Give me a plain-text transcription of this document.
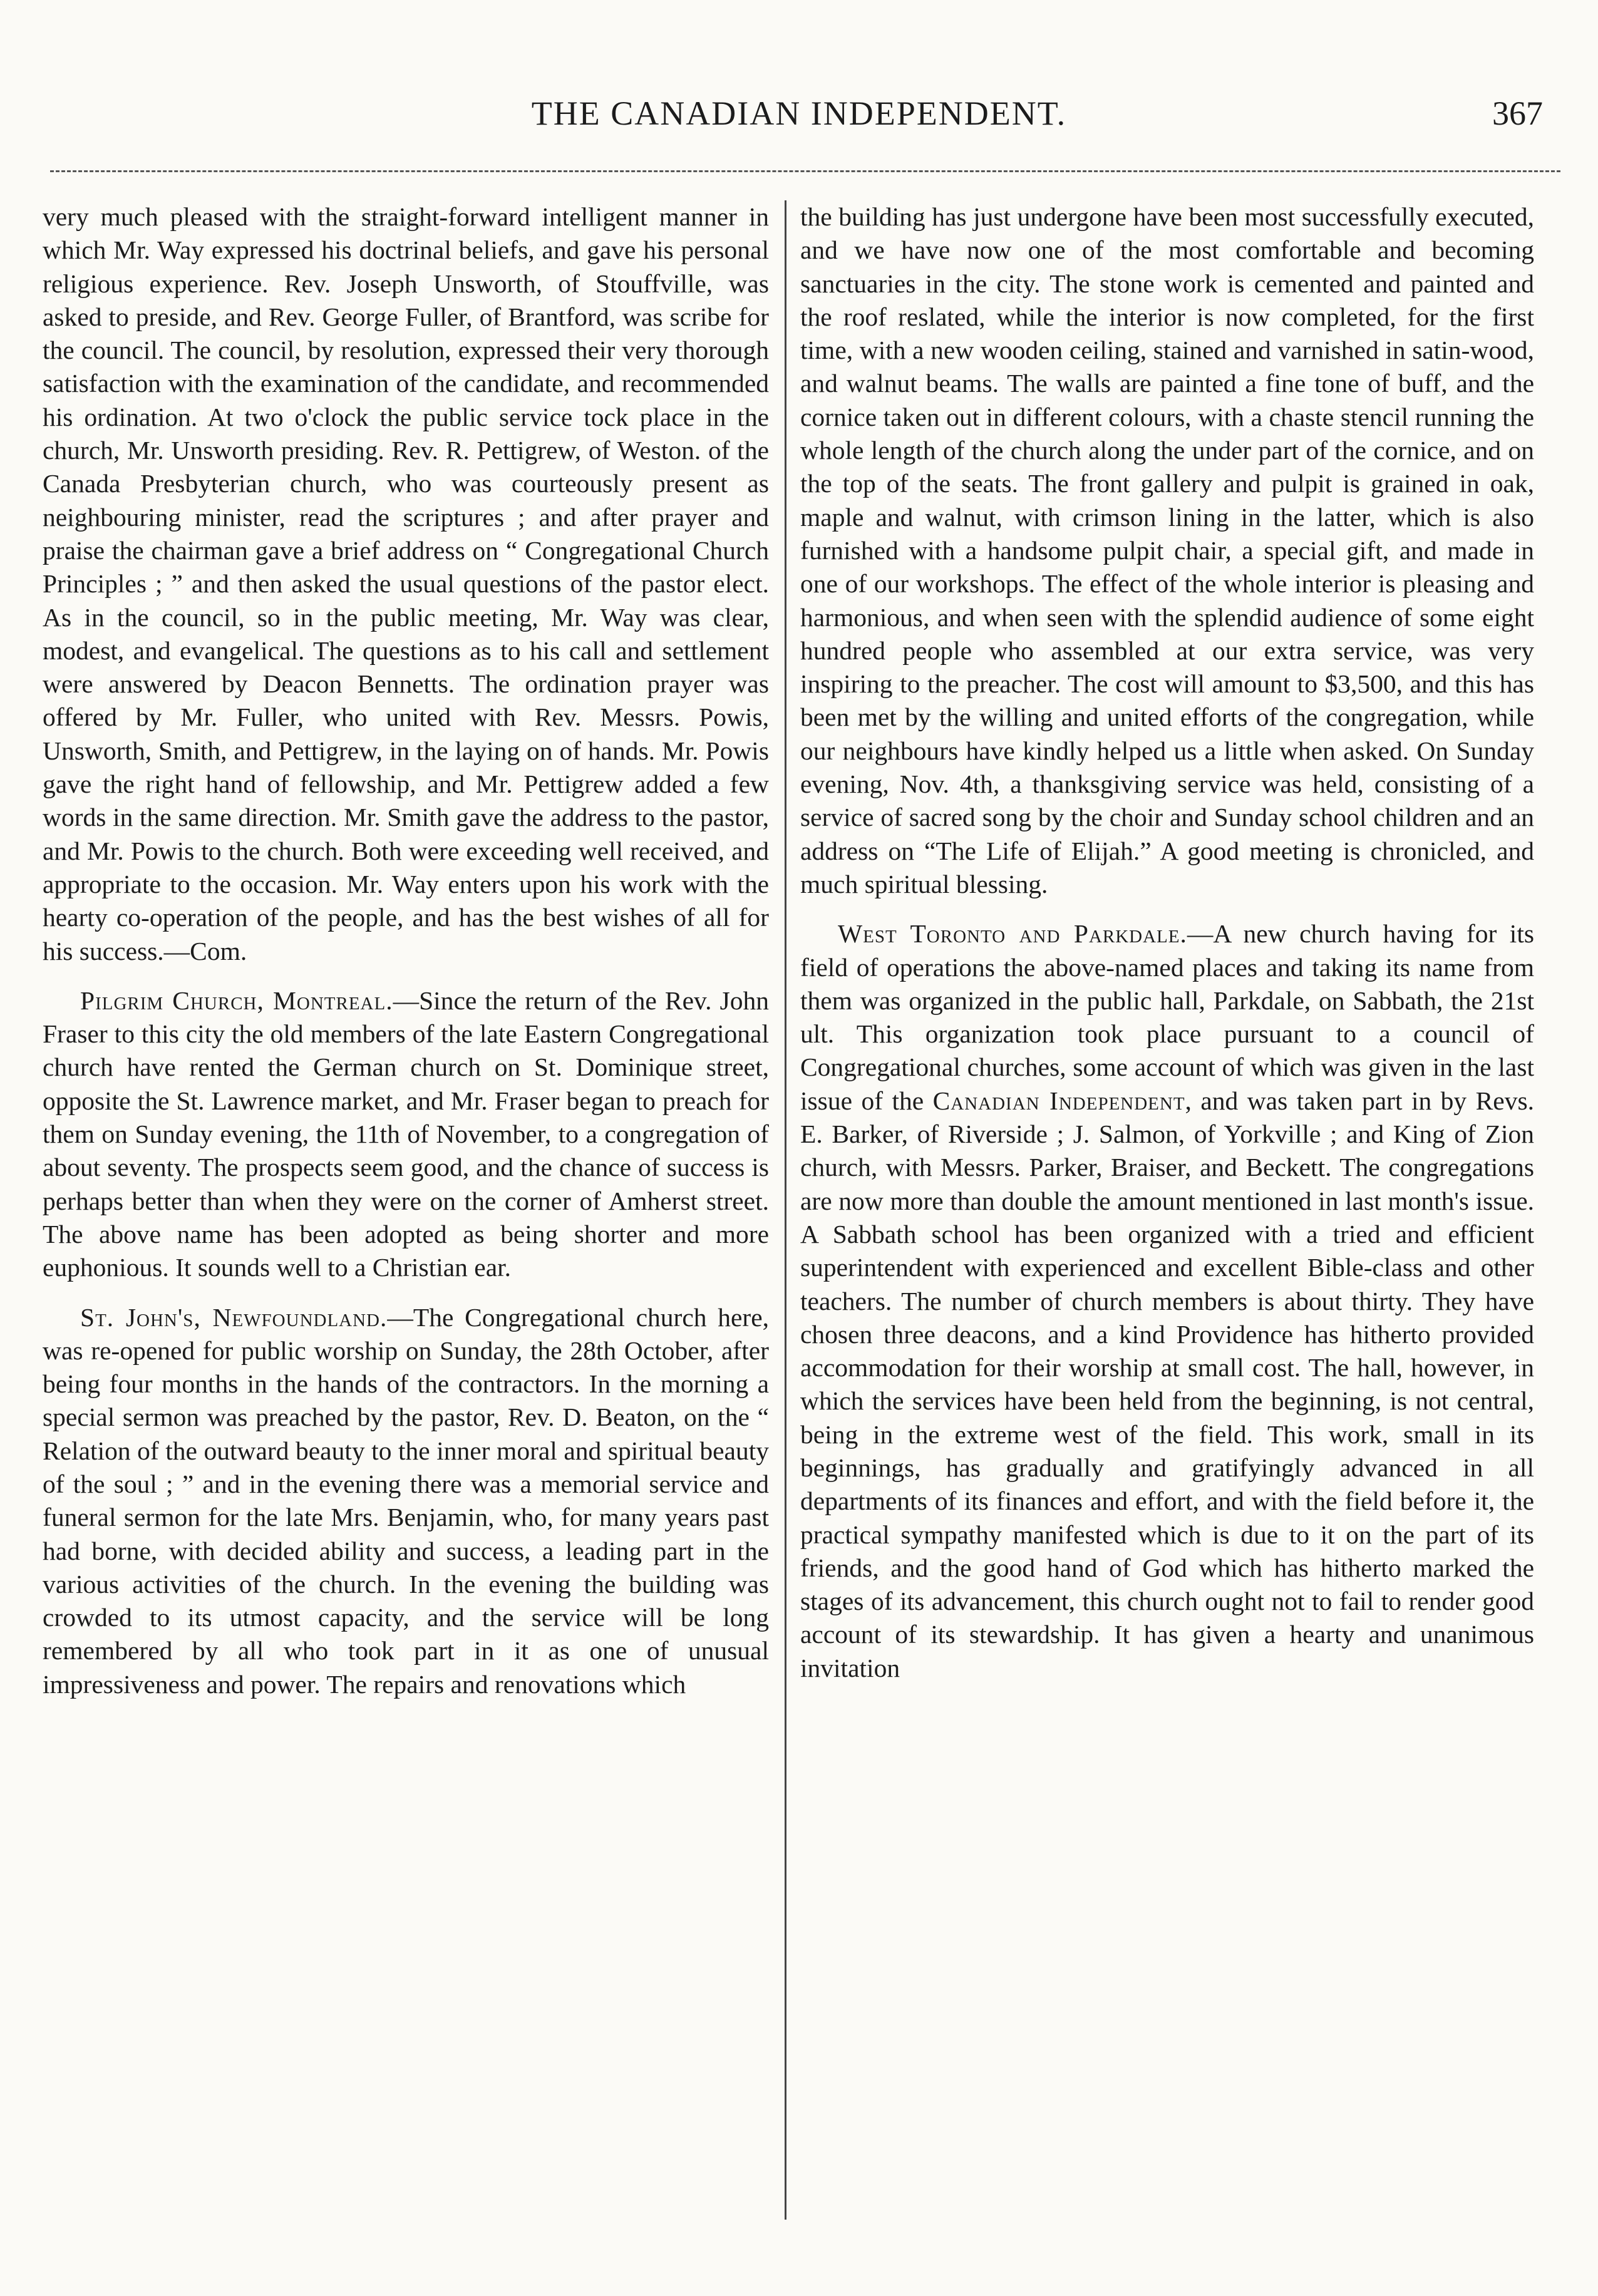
THE CANADIAN INDEPENDENT.	367

very much pleased with the straight-forward intelligent manner in which Mr. Way expressed his doctrinal beliefs, and gave his personal religious experience. Rev. Joseph Unsworth, of Stouffville, was asked to preside, and Rev. George Fuller, of Brantford, was scribe for the council. The council, by resolution, expressed their very thorough satisfaction with the examination of the candidate, and recommended his ordination. At two o'clock the public service tock place in the church, Mr. Unsworth presiding. Rev. R. Pettigrew, of Weston. of the Canada Presbyterian church, who was courteously present as neighbouring minister, read the scriptures ; and after prayer and praise the chairman gave a brief address on “ Congregational Church Principles ; ” and then asked the usual questions of the pastor elect. As in the council, so in the public meeting, Mr. Way was clear, modest, and evangelical. The questions as to his call and settlement were answered by Deacon Bennetts. The ordination prayer was offered by Mr. Fuller, who united with Rev. Messrs. Powis, Unsworth, Smith, and Pettigrew, in the laying on of hands. Mr. Powis gave the right hand of fellowship, and Mr. Pettigrew added a few words in the same direction. Mr. Smith gave the address to the pastor, and Mr. Powis to the church. Both were exceeding well received, and appropriate to the occasion. Mr. Way enters upon his work with the hearty co-operation of the people, and has the best wishes of all for his success.—Com.

Pilgrim Church, Montreal.—Since the return of the Rev. John Fraser to this city the old members of the late Eastern Congregational church have rented the German church on St. Dominique street, opposite the St. Lawrence market, and Mr. Fraser began to preach for them on Sunday evening, the 11th of November, to a congregation of about seventy. The prospects seem good, and the chance of success is perhaps better than when they were on the corner of Amherst street. The above name has been adopted as being shorter and more euphonious. It sounds well to a Christian ear.

St. John's, Newfoundland.—The Congregational church here, was re-opened for public worship on Sunday, the 28th October, after being four months in the hands of the contractors. In the morning a special sermon was preached by the pastor, Rev. D. Beaton, on the “ Relation of the outward beauty to the inner moral and spiritual beauty of the soul ; ” and in the evening there was a memorial service and funeral sermon for the late Mrs. Benjamin, who, for many years past had borne, with decided ability and success, a leading part in the various activities of the church. In the evening the building was crowded to its utmost capacity, and the service will be long remembered by all who took part in it as one of unusual impressiveness and power. The repairs and renovations which

the building has just undergone have been most successfully executed, and we have now one of the most comfortable and becoming sanctuaries in the city. The stone work is cemented and painted and the roof reslated, while the interior is now completed, for the first time, with a new wooden ceiling, stained and varnished in satin-wood, and walnut beams. The walls are painted a fine tone of buff, and the cornice taken out in different colours, with a chaste stencil running the whole length of the church along the under part of the cornice, and on the top of the seats. The front gallery and pulpit is grained in oak, maple and walnut, with crimson lining in the latter, which is also furnished with a handsome pulpit chair, a special gift, and made in one of our workshops. The effect of the whole interior is pleasing and harmonious, and when seen with the splendid audience of some eight hundred people who assembled at our extra service, was very inspiring to the preacher. The cost will amount to $3,500, and this has been met by the willing and united efforts of the congregation, while our neighbours have kindly helped us a little when asked. On Sunday evening, Nov. 4th, a thanksgiving service was held, consisting of a service of sacred song by the choir and Sunday school children and an address on “The Life of Elijah.” A good meeting is chronicled, and much spiritual blessing.

West Toronto and Parkdale.—A new church having for its field of operations the above-named places and taking its name from them was organized in the public hall, Parkdale, on Sabbath, the 21st ult. This organization took place pursuant to a council of Congregational churches, some account of which was given in the last issue of the Canadian Independent, and was taken part in by Revs. E. Barker, of Riverside ; J. Salmon, of Yorkville ; and King of Zion church, with Messrs. Parker, Braiser, and Beckett. The congregations are now more than double the amount mentioned in last month's issue. A Sabbath school has been organized with a tried and efficient superintendent with experienced and excellent Bible-class and other teachers. The number of church members is about thirty. They have chosen three deacons, and a kind Providence has hitherto provided accommodation for their worship at small cost. The hall, however, in which the services have been held from the beginning, is not central, being in the extreme west of the field. This work, small in its beginnings, has gradually and gratifyingly advanced in all departments of its finances and effort, and with the field before it, the practical sympathy manifested which is due to it on the part of its friends, and the good hand of God which has hitherto marked the stages of its advancement, this church ought not to fail to render good account of its stewardship. It has given a hearty and unanimous invitation
